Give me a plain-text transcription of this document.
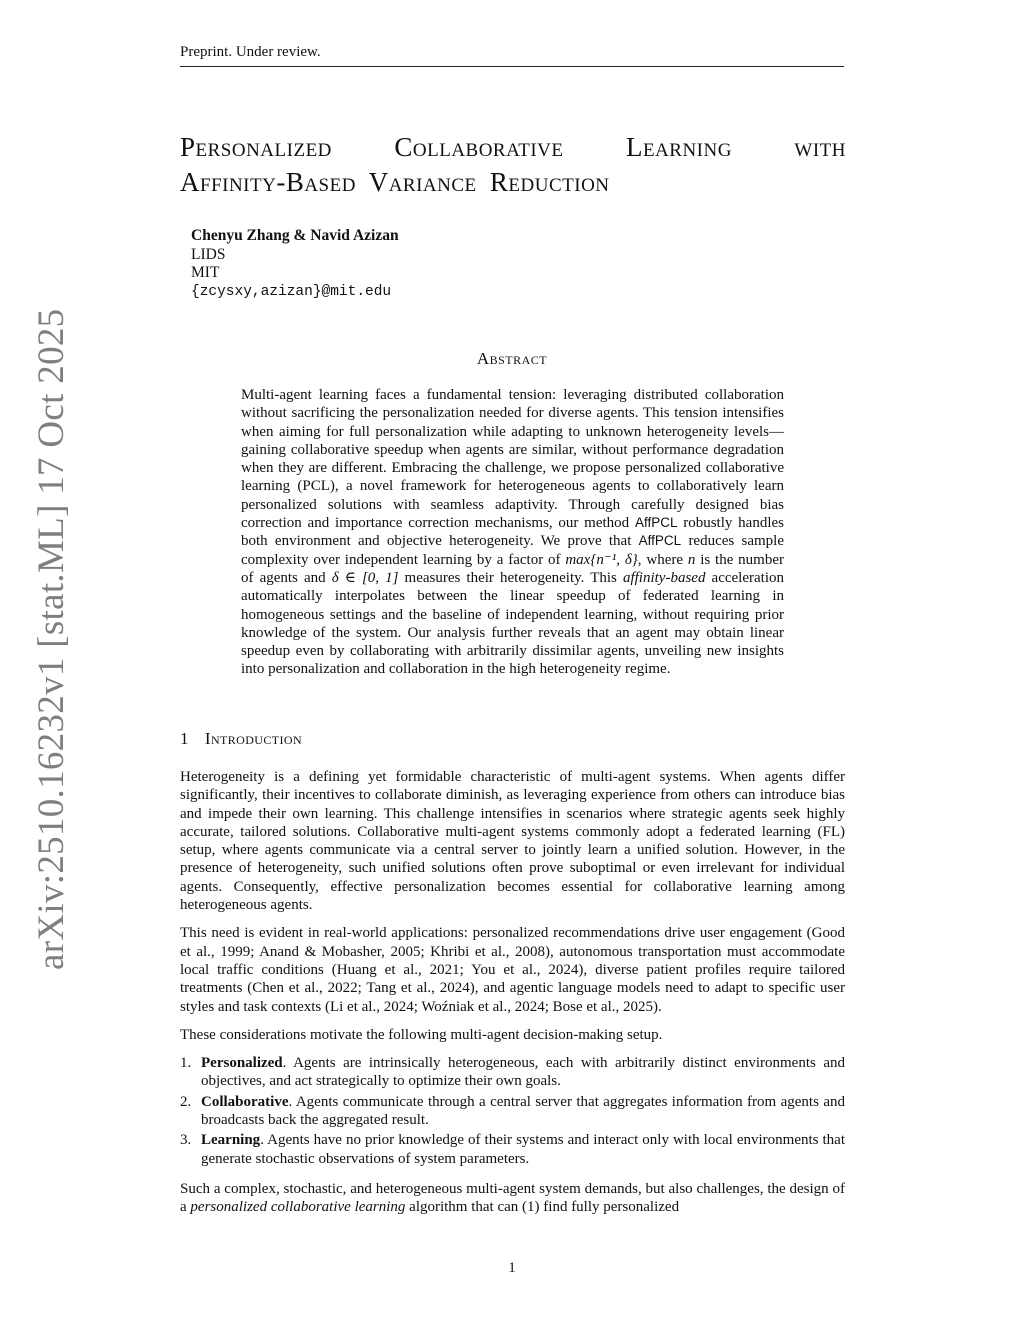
Preprint. Under review.
arXiv:2510.16232v1 [stat.ML] 17 Oct 2025
Personalized Collaborative Learning with
Affinity-Based Variance Reduction
Chenyu Zhang & Navid Azizan
LIDS
MIT
{zcysxy,azizan}@mit.edu
Abstract
Multi-agent learning faces a fundamental tension: leveraging distributed collaboration without sacrificing the personalization needed for diverse agents. This tension intensifies when aiming for full personalization while adapting to unknown heterogeneity levels—gaining collaborative speedup when agents are similar, without performance degradation when they are different. Embracing the challenge, we propose personalized collaborative learning (PCL), a novel framework for heterogeneous agents to collaboratively learn personalized solutions with seamless adaptivity. Through carefully designed bias correction and importance correction mechanisms, our method AffPCL robustly handles both environment and objective heterogeneity. We prove that AffPCL reduces sample complexity over independent learning by a factor of max{n⁻¹, δ}, where n is the number of agents and δ ∈ [0, 1] measures their heterogeneity. This affinity-based acceleration automatically interpolates between the linear speedup of federated learning in homogeneous settings and the baseline of independent learning, without requiring prior knowledge of the system. Our analysis further reveals that an agent may obtain linear speedup even by collaborating with arbitrarily dissimilar agents, unveiling new insights into personalization and collaboration in the high heterogeneity regime.
1 Introduction

Heterogeneity is a defining yet formidable characteristic of multi-agent systems. When agents differ significantly, their incentives to collaborate diminish, as leveraging experience from others can introduce bias and impede their own learning. This challenge intensifies in scenarios where strategic agents seek highly accurate, tailored solutions. Collaborative multi-agent systems commonly adopt a federated learning (FL) setup, where agents communicate via a central server to jointly learn a unified solution. However, in the presence of heterogeneity, such unified solutions often prove suboptimal or even irrelevant for individual agents. Consequently, effective personalization becomes essential for collaborative learning among heterogeneous agents.

This need is evident in real-world applications: personalized recommendations drive user engagement (Good et al., 1999; Anand & Mobasher, 2005; Khribi et al., 2008), autonomous transportation must accommodate local traffic conditions (Huang et al., 2021; You et al., 2024), diverse patient profiles require tailored treatments (Chen et al., 2022; Tang et al., 2024), and agentic language models need to adapt to specific user styles and task contexts (Li et al., 2024; Woźniak et al., 2024; Bose et al., 2025).

These considerations motivate the following multi-agent decision-making setup.

1. Personalized. Agents are intrinsically heterogeneous, each with arbitrarily distinct environments and objectives, and act strategically to optimize their own goals.
2. Collaborative. Agents communicate through a central server that aggregates information from agents and broadcasts back the aggregated result.
3. Learning. Agents have no prior knowledge of their systems and interact only with local environments that generate stochastic observations of system parameters.

Such a complex, stochastic, and heterogeneous multi-agent system demands, but also challenges, the design of a personalized collaborative learning algorithm that can (1) find fully personalized

1
